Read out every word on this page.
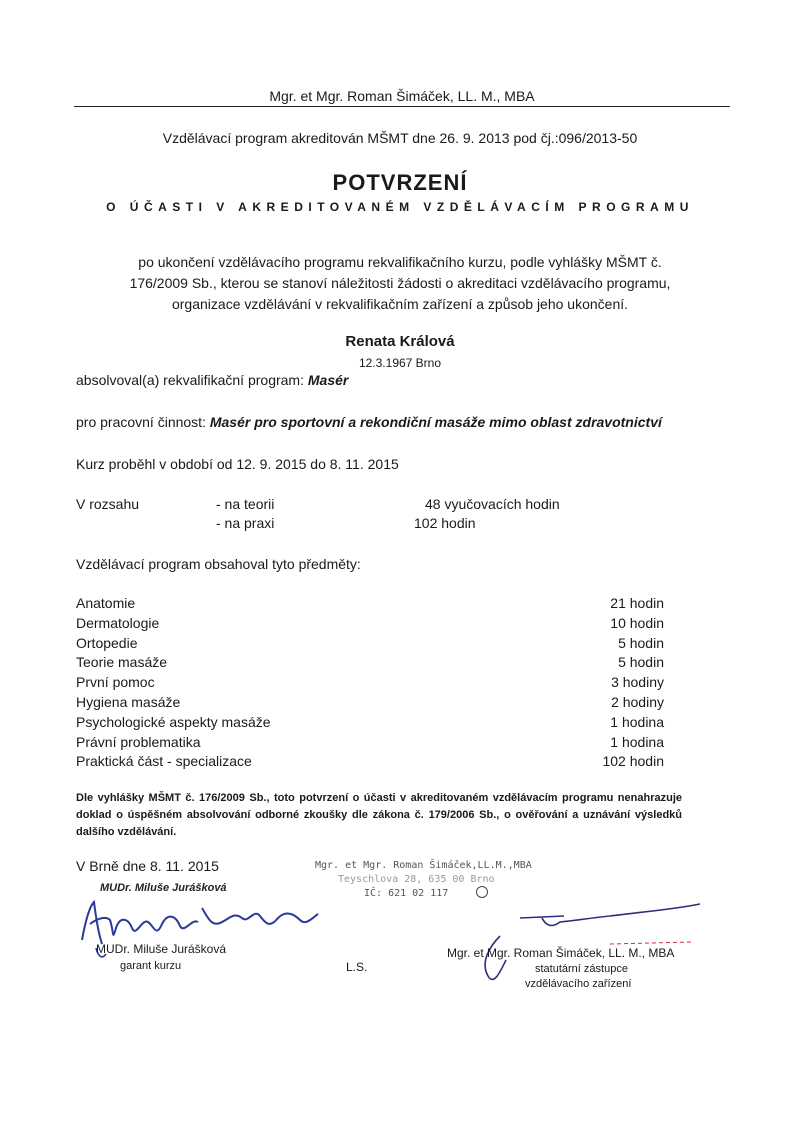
Mgr. et Mgr. Roman Šimáček, LL. M., MBA
Vzdělávací program akreditován MŠMT dne 26. 9. 2013 pod čj.:096/2013-50
POTVRZENÍ
O ÚČASTI V AKREDITOVANÉM VZDĚLÁVACÍM PROGRAMU
po ukončení vzdělávacího programu rekvalifikačního kurzu, podle vyhlášky MŠMT č.
176/2009 Sb., kterou se stanoví náležitosti žádosti o akreditaci vzdělávacího programu,
organizace vzdělávání v rekvalifikačním zařízení a způsob jeho ukončení.
Renata Králová
12.3.1967 Brno
absolvoval(a) rekvalifikační program: Masér
pro pracovní činnost: Masér pro sportovní a rekondiční masáže mimo oblast zdravotnictví
Kurz proběhl v období od 12. 9. 2015 do 8. 11. 2015
V rozsahu	- na teorii	48 vyučovacích hodin
- na praxi	102 hodin
Vzdělávací program obsahoval tyto předměty:
Anatomie	21 hodin
Dermatologie	10 hodin
Ortopedie	5 hodin
Teorie masáže	5 hodin
První pomoc	3 hodiny
Hygiena masáže	2 hodiny
Psychologické aspekty masáže	1 hodina
Právní problematika	1 hodina
Praktická část - specializace	102 hodin
Dle vyhlášky MŠMT č. 176/2009 Sb., toto potvrzení o účasti v akreditovaném vzdělávacím programu nenahrazuje doklad o úspěšném absolvování odborné zkoušky dle zákona č. 179/2006 Sb., o ověřování a uznávání výsledků dalšího vzdělávání.
V Brně dne 8. 11. 2015
MUDr. Miluše Jurášková
MUDr. Miluše Jurášková
garant kurzu	L.S.
Mgr. et Mgr. Roman Šimáček,LL.M.,MBA
Teyschlova 28, 635 00 Brno
IČ: 621 02 117
Mgr. et Mgr. Roman Šimáček, LL. M., MBA
statutární zástupce
vzdělávacího zařízení
